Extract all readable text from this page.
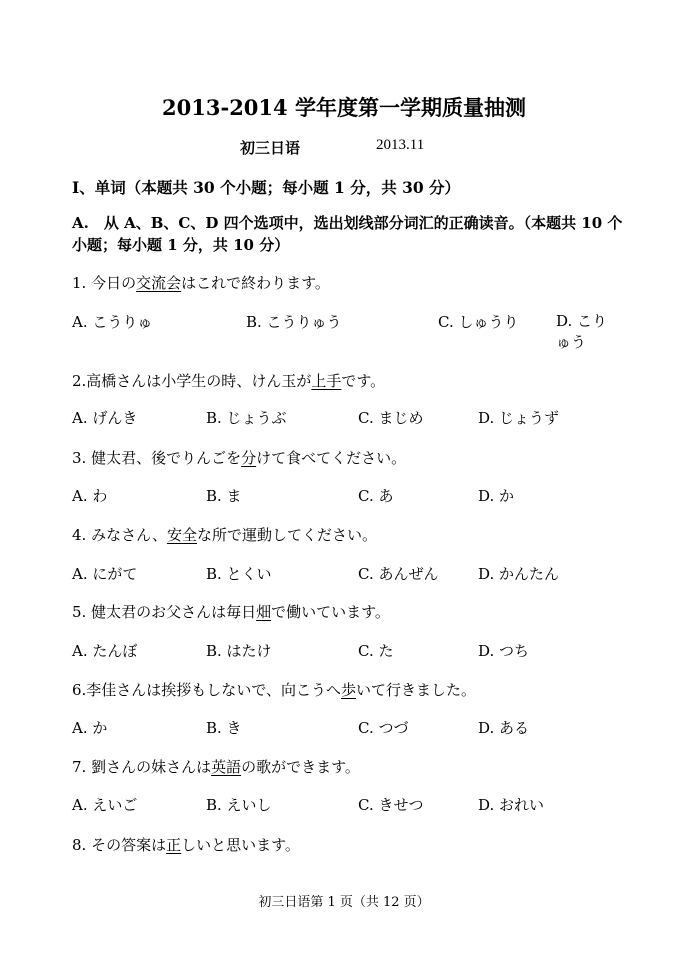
2013-2014 学年度第一学期质量抽测
初三日语	2013.11
Ⅰ、单词（本题共 30 个小题；每小题 1 分，共 30 分）
A.　从 A、B、C、D 四个选项中，选出划线部分词汇的正确读音。（本题共 10 个小题；每小题 1 分，共 10 分）
1. 今日の交流会はこれで終わります。
A. こうりゅ	B. こうりゅう	C. しゅうり	D. こりゅう
2.高橋さんは小学生の時、けん玉が上手です。
A. げんき	B. じょうぶ	C. まじめ	D. じょうず
3. 健太君、後でりんごを分けて食べてください。
A. わ	B. ま	C. あ	D. か
4. みなさん、安全な所で運動してください。
A. にがて	B. とくい	C. あんぜん	D. かんたん
5. 健太君のお父さんは毎日畑で働いています。
A. たんぼ	B. はたけ	C. た	D. つち
6.李佳さんは挨拶もしないで、向こうへ歩いて行きました。
A. か	B. き	C. つづ	D. ある
7. 劉さんの妹さんは英語の歌ができます。
A. えいご	B. えいし	C. きせつ	D. おれい
8. その答案は正しいと思います。
初三日语第 1 页（共 12 页）
